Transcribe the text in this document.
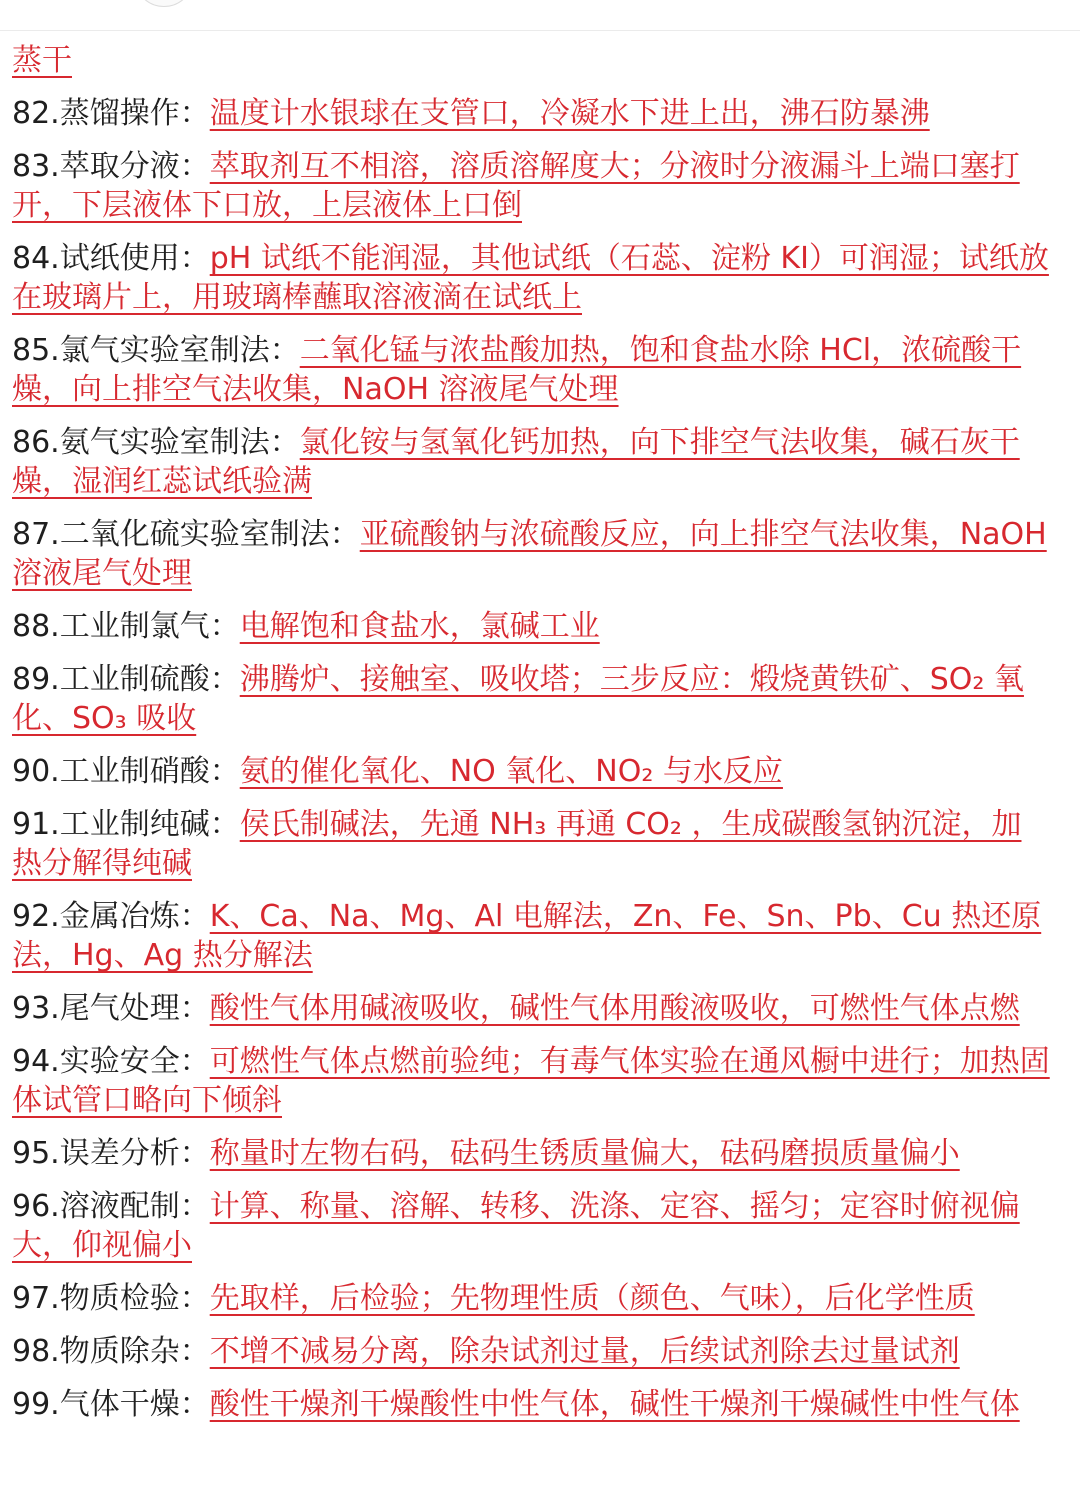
蒸干

82.蒸馏操作：温度计水银球在支管口，冷凝水下进上出，沸石防暴沸

83.萃取分液：萃取剂互不相溶，溶质溶解度大；分液时分液漏斗上端口塞打开，下层液体下口放，上层液体上口倒

84.试纸使用：pH 试纸不能润湿，其他试纸（石蕊、淀粉 KI）可润湿；试纸放在玻璃片上，用玻璃棒蘸取溶液滴在试纸上

85.氯气实验室制法：二氧化锰与浓盐酸加热，饱和食盐水除 HCl，浓硫酸干燥，向上排空气法收集，NaOH 溶液尾气处理

86.氨气实验室制法：氯化铵与氢氧化钙加热，向下排空气法收集，碱石灰干燥，湿润红蕊试纸验满

87.二氧化硫实验室制法：亚硫酸钠与浓硫酸反应，向上排空气法收集，NaOH 溶液尾气处理

88.工业制氯气：电解饱和食盐水，氯碱工业

89.工业制硫酸：沸腾炉、接触室、吸收塔；三步反应：煅烧黄铁矿、SO₂ 氧化、SO₃ 吸收

90.工业制硝酸：氨的催化氧化、NO 氧化、NO₂ 与水反应

91.工业制纯碱：侯氏制碱法，先通 NH₃ 再通 CO₂ ，生成碳酸氢钠沉淀，加热分解得纯碱

92.金属冶炼：K、Ca、Na、Mg、Al 电解法，Zn、Fe、Sn、Pb、Cu 热还原法，Hg、Ag 热分解法

93.尾气处理：酸性气体用碱液吸收，碱性气体用酸液吸收，可燃性气体点燃

94.实验安全：可燃性气体点燃前验纯；有毒气体实验在通风橱中进行；加热固体试管口略向下倾斜

95.误差分析：称量时左物右码，砝码生锈质量偏大，砝码磨损质量偏小

96.溶液配制：计算、称量、溶解、转移、洗涤、定容、摇匀；定容时俯视偏大，仰视偏小

97.物质检验：先取样，后检验；先物理性质（颜色、气味），后化学性质

98.物质除杂：不增不减易分离，除杂试剂过量，后续试剂除去过量试剂

99.气体干燥：酸性干燥剂干燥酸性中性气体，碱性干燥剂干燥碱性中性气体
